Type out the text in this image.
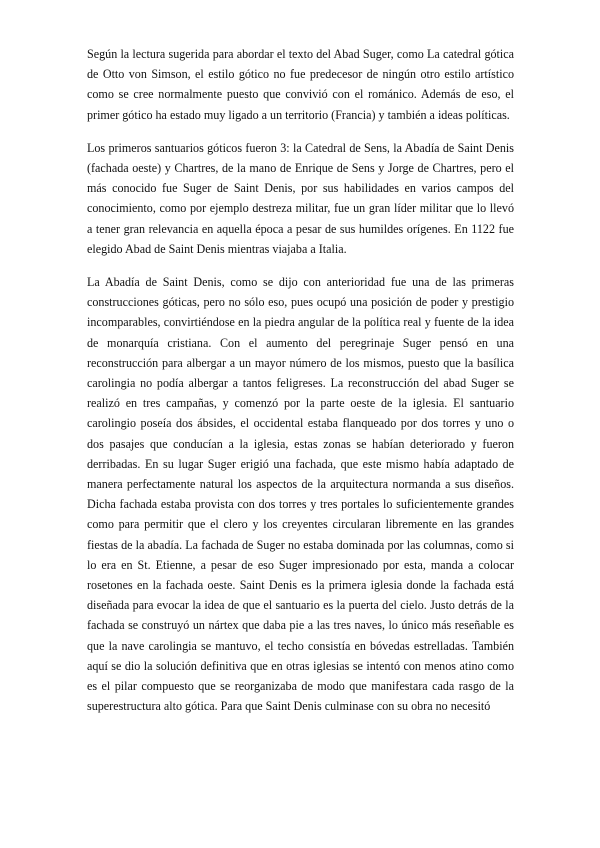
Según la lectura sugerida para abordar el texto del Abad Suger, como La catedral gótica de Otto von Simson, el estilo gótico no fue predecesor de ningún otro estilo artístico como se cree normalmente puesto que convivió con el románico. Además de eso, el primer gótico ha estado muy ligado a un territorio (Francia) y también a ideas políticas.

Los primeros santuarios góticos fueron 3: la Catedral de Sens, la Abadía de Saint Denis (fachada oeste) y Chartres, de la mano de Enrique de Sens y Jorge de Chartres, pero el más conocido fue Suger de Saint Denis, por sus habilidades en varios campos del conocimiento, como por ejemplo destreza militar, fue un gran líder militar que lo llevó a tener gran relevancia en aquella época a pesar de sus humildes orígenes. En 1122 fue elegido Abad de Saint Denis mientras viajaba a Italia.

La Abadía de Saint Denis, como se dijo con anterioridad fue una de las primeras construcciones góticas, pero no sólo eso, pues ocupó una posición de poder y prestigio incomparables, convirtiéndose en la piedra angular de la política real y fuente de la idea de monarquía cristiana. Con el aumento del peregrinaje Suger pensó en una reconstrucción para albergar a un mayor número de los mismos, puesto que la basílica carolingia no podía albergar a tantos feligreses. La reconstrucción del abad Suger se realizó en tres campañas, y comenzó por la parte oeste de la iglesia. El santuario carolingio poseía dos ábsides, el occidental estaba flanqueado por dos torres y uno o dos pasajes que conducían a la iglesia, estas zonas se habían deteriorado y fueron derribadas. En su lugar Suger erigió una fachada, que este mismo había adaptado de manera perfectamente natural los aspectos de la arquitectura normanda a sus diseños. Dicha fachada estaba provista con dos torres y tres portales lo suficientemente grandes como para permitir que el clero y los creyentes circularan libremente en las grandes fiestas de la abadía. La fachada de Suger no estaba dominada por las columnas, como si lo era en St. Etienne, a pesar de eso Suger impresionado por esta, manda a colocar rosetones en la fachada oeste. Saint Denis es la primera iglesia donde la fachada está diseñada para evocar la idea de que el santuario es la puerta del cielo. Justo detrás de la fachada se construyó un nártex que daba pie a las tres naves, lo único más reseñable es que la nave carolingia se mantuvo, el techo consistía en bóvedas estrelladas. También aquí se dio la solución definitiva que en otras iglesias se intentó con menos atino como es el pilar compuesto que se reorganizaba de modo que manifestara cada rasgo de la superestructura alto gótica. Para que Saint Denis culminase con su obra no necesitó
